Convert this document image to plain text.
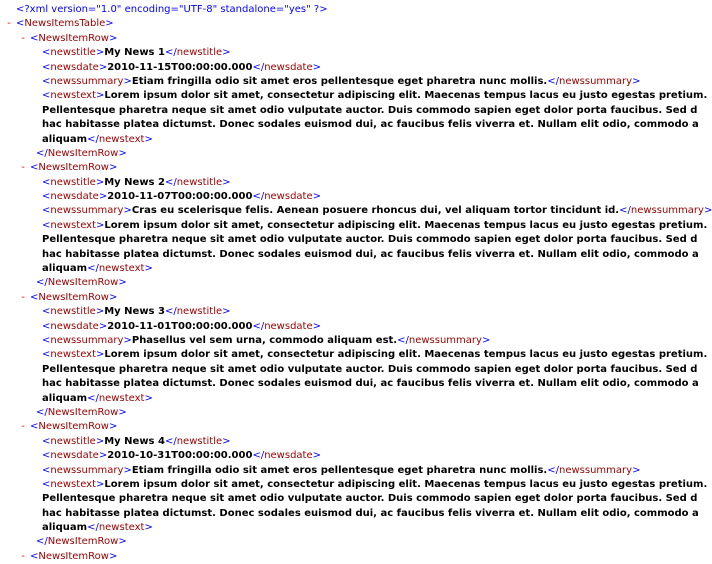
<?xml version="1.0" encoding="UTF-8" standalone="yes" ?>
- <NewsItemsTable>
- <NewsItemRow>
<newstitle>My News 1</newstitle>
<newsdate>2010-11-15T00:00:00.000</newsdate>
<newssummary>Etiam fringilla odio sit amet eros pellentesque eget pharetra nunc mollis.</newssummary>
<newstext>Lorem ipsum dolor sit amet, consectetur adipiscing elit. Maecenas tempus lacus eu justo egestas pretium.
Pellentesque pharetra neque sit amet odio vulputate auctor. Duis commodo sapien eget dolor porta faucibus. Sed d
hac habitasse platea dictumst. Donec sodales euismod dui, ac faucibus felis viverra et. Nullam elit odio, commodo a
aliquam</newstext>
</NewsItemRow>
- <NewsItemRow>
<newstitle>My News 2</newstitle>
<newsdate>2010-11-07T00:00:00.000</newsdate>
<newssummary>Cras eu scelerisque felis. Aenean posuere rhoncus dui, vel aliquam tortor tincidunt id.</newssummary>
<newstext>Lorem ipsum dolor sit amet, consectetur adipiscing elit. Maecenas tempus lacus eu justo egestas pretium.
Pellentesque pharetra neque sit amet odio vulputate auctor. Duis commodo sapien eget dolor porta faucibus. Sed d
hac habitasse platea dictumst. Donec sodales euismod dui, ac faucibus felis viverra et. Nullam elit odio, commodo a
aliquam</newstext>
</NewsItemRow>
- <NewsItemRow>
<newstitle>My News 3</newstitle>
<newsdate>2010-11-01T00:00:00.000</newsdate>
<newssummary>Phasellus vel sem urna, commodo aliquam est.</newssummary>
<newstext>Lorem ipsum dolor sit amet, consectetur adipiscing elit. Maecenas tempus lacus eu justo egestas pretium.
Pellentesque pharetra neque sit amet odio vulputate auctor. Duis commodo sapien eget dolor porta faucibus. Sed d
hac habitasse platea dictumst. Donec sodales euismod dui, ac faucibus felis viverra et. Nullam elit odio, commodo a
aliquam</newstext>
</NewsItemRow>
- <NewsItemRow>
<newstitle>My News 4</newstitle>
<newsdate>2010-10-31T00:00:00.000</newsdate>
<newssummary>Etiam fringilla odio sit amet eros pellentesque eget pharetra nunc mollis.</newssummary>
<newstext>Lorem ipsum dolor sit amet, consectetur adipiscing elit. Maecenas tempus lacus eu justo egestas pretium.
Pellentesque pharetra neque sit amet odio vulputate auctor. Duis commodo sapien eget dolor porta faucibus. Sed d
hac habitasse platea dictumst. Donec sodales euismod dui, ac faucibus felis viverra et. Nullam elit odio, commodo a
aliquam</newstext>
</NewsItemRow>
- <NewsItemRow>
